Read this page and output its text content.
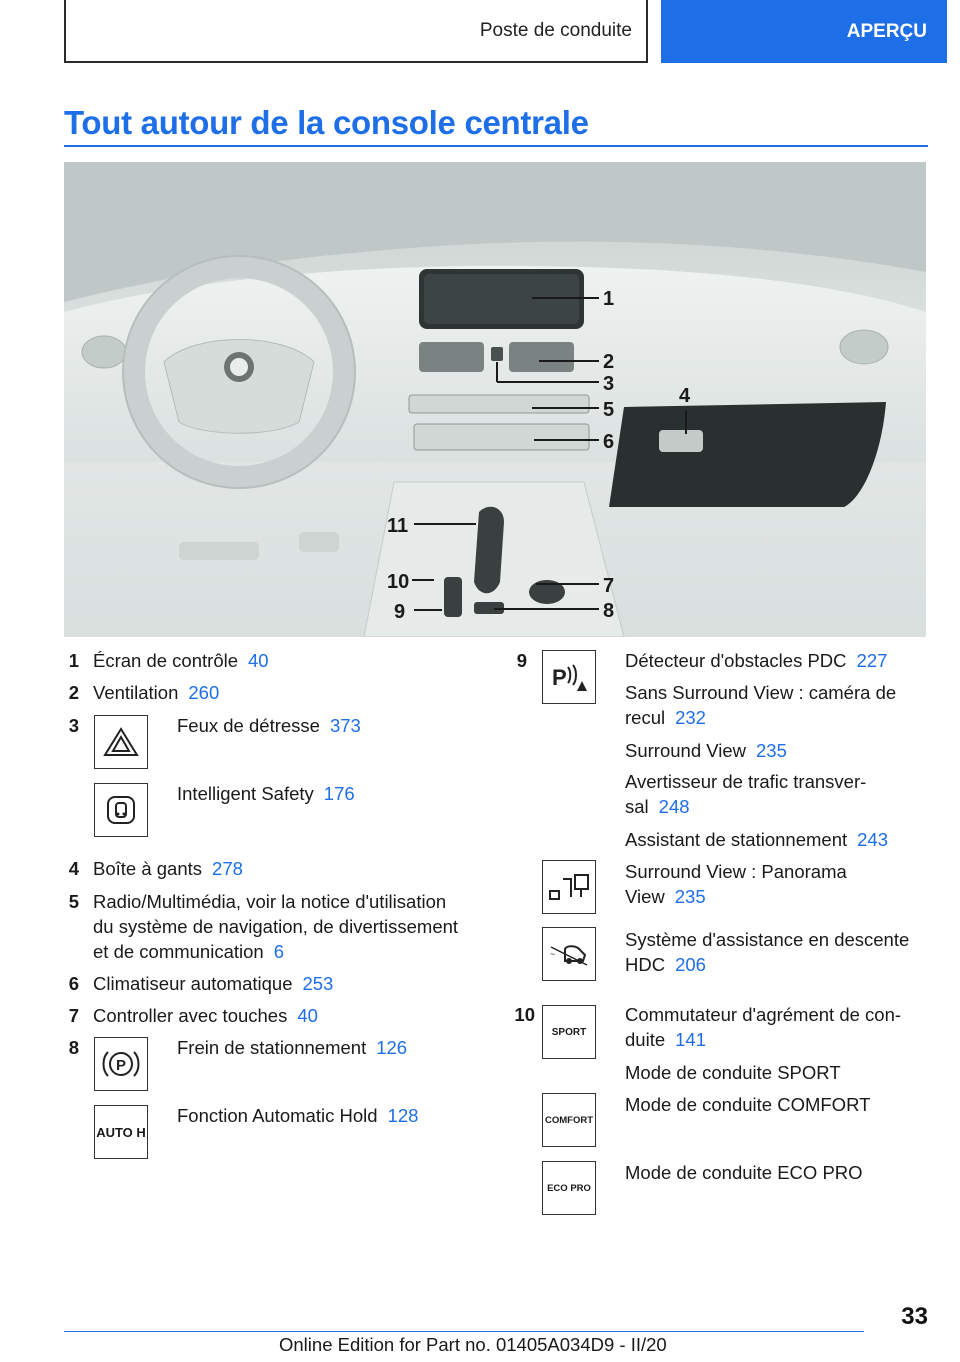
Poste de conduite	APERÇU
Tout autour de la console centrale
1
2
3
4
5
6
7
8
9
10
11
1 Écran de contrôle 40
2 Ventilation 260
3	Feux de détresse 373
Intelligent Safety 176
4 Boîte à gants 278
5 Radio/Multimédia, voir la notice d'utilisation
du système de navigation, de divertissement
et de communication 6
6 Climatiseur automatique 253
7 Controller avec touches 40
8
P
Frein de stationnement 126
AUTO H
Fonction Automatic Hold 128
9
P
Détecteur d'obstacles PDC 227
Sans Surround View : caméra de
recul 232
Surround View 235
Avertisseur de trafic transver-
sal 248
Assistant de stationnement 243
Surround View : Panorama
View 235
~
Système d'assistance en descente
HDC 206
10
SPORT
Commutateur d'agrément de con-
duite 141
Mode de conduite SPORT
COMFORT
Mode de conduite COMFORT
ECO PRO
Mode de conduite ECO PRO
33
Online Edition for Part no. 01405A034D9 - II/20
